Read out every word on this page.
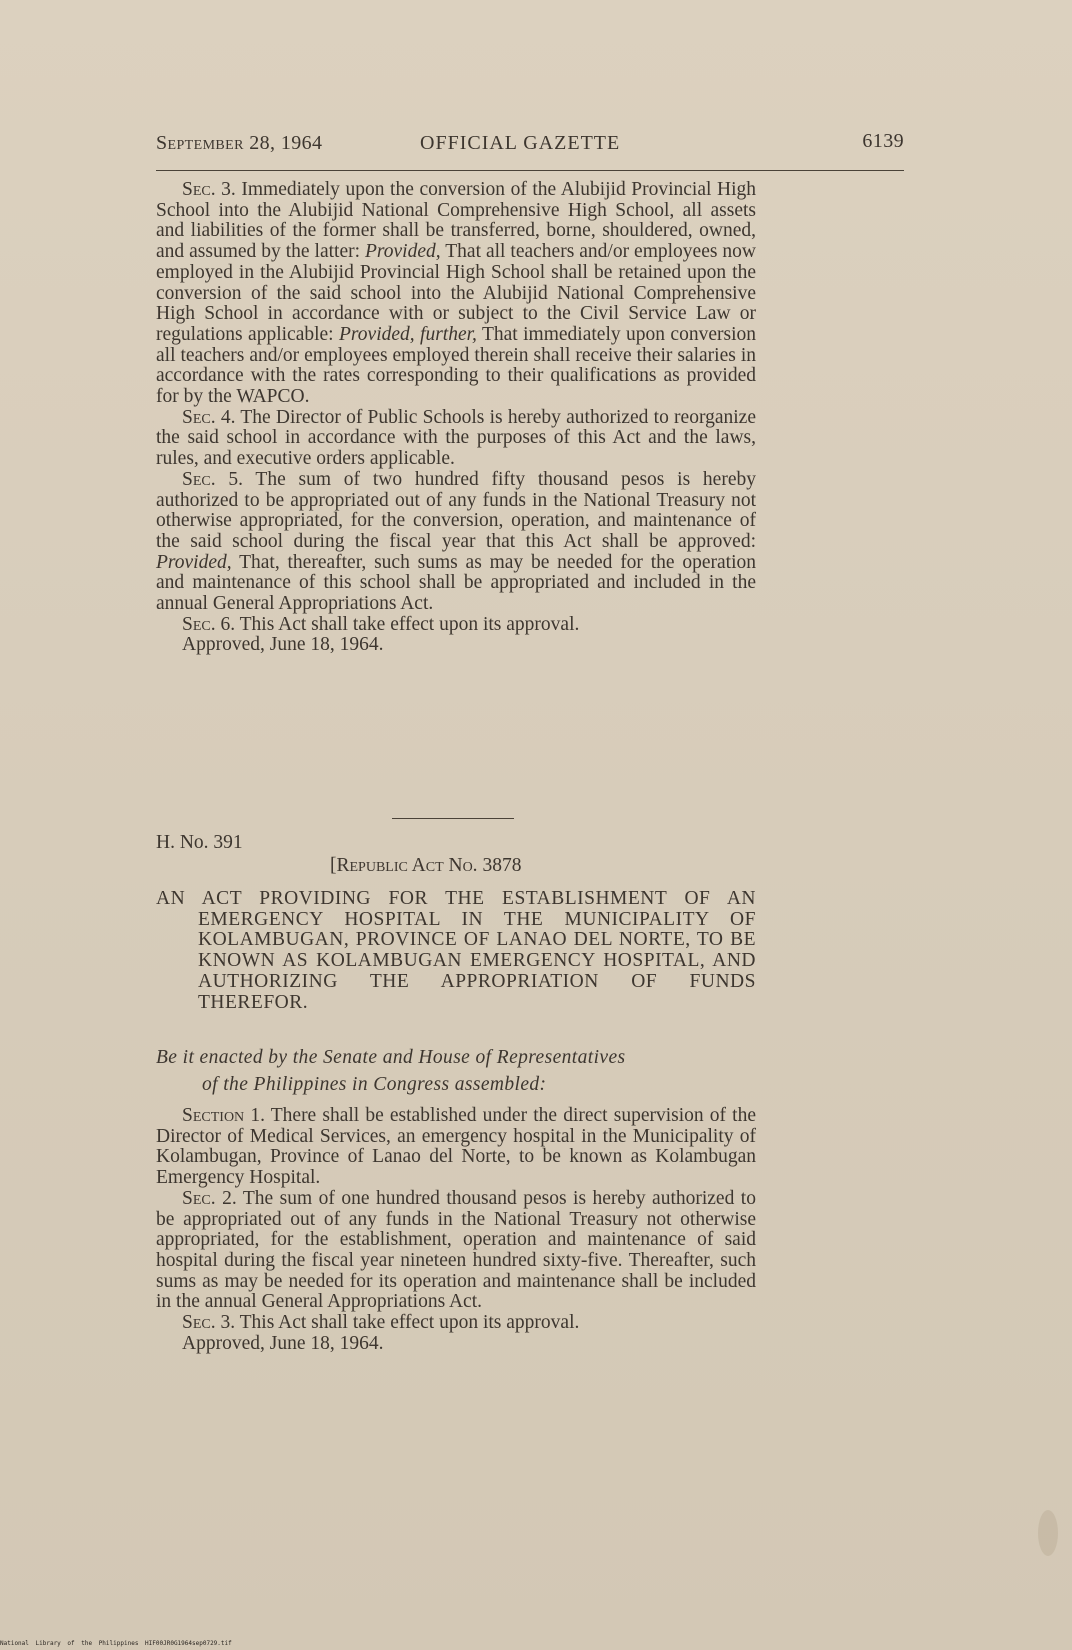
September 28, 1964	OFFICIAL GAZETTE	6139

Sec. 3. Immediately upon the conversion of the Alubijid Provincial High School into the Alubijid National Comprehensive High School, all assets and liabilities of the former shall be transferred, borne, shouldered, owned, and assumed by the latter: Provided, That all teachers and/or employees now employed in the Alubijid Provincial High School shall be retained upon the conversion of the said school into the Alubijid National Comprehensive High School in accordance with or subject to the Civil Service Law or regulations applicable: Provided, further, That immediately upon conversion all teachers and/or employees employed therein shall receive their salaries in accordance with the rates corresponding to their qualifications as provided for by the WAPCO.

Sec. 4. The Director of Public Schools is hereby authorized to reorganize the said school in accordance with the purposes of this Act and the laws, rules, and executive orders applicable.

Sec. 5. The sum of two hundred fifty thousand pesos is hereby authorized to be appropriated out of any funds in the National Treasury not otherwise appropriated, for the conversion, operation, and maintenance of the said school during the fiscal year that this Act shall be approved: Provided, That, thereafter, such sums as may be needed for the operation and maintenance of this school shall be appropriated and included in the annual General Appropriations Act.

Sec. 6. This Act shall take effect upon its approval.

Approved, June 18, 1964.

H. No. 391
[Republic Act No. 3878
AN ACT PROVIDING FOR THE ESTABLISHMENT OF AN EMERGENCY HOSPITAL IN THE MUNICIPALITY OF KOLAMBUGAN, PROVINCE OF LANAO DEL NORTE, TO BE KNOWN AS KOLAMBUGAN EMERGENCY HOSPITAL, AND AUTHORIZING THE APPROPRIATION OF FUNDS THEREFOR.
Be it enacted by the Senate and House of Representatives
of the Philippines in Congress assembled:

Section 1. There shall be established under the direct supervision of the Director of Medical Services, an emergency hospital in the Municipality of Kolambugan, Province of Lanao del Norte, to be known as Kolambugan Emergency Hospital.

Sec. 2. The sum of one hundred thousand pesos is hereby authorized to be appropriated out of any funds in the National Treasury not otherwise appropriated, for the establishment, operation and maintenance of said hospital during the fiscal year nineteen hundred sixty-five. Thereafter, such sums as may be needed for its operation and maintenance shall be included in the annual General Appropriations Act.

Sec. 3. This Act shall take effect upon its approval.

Approved, June 18, 1964.

National Library of the Philippines HIF00JR0G1964sep0729.tif
